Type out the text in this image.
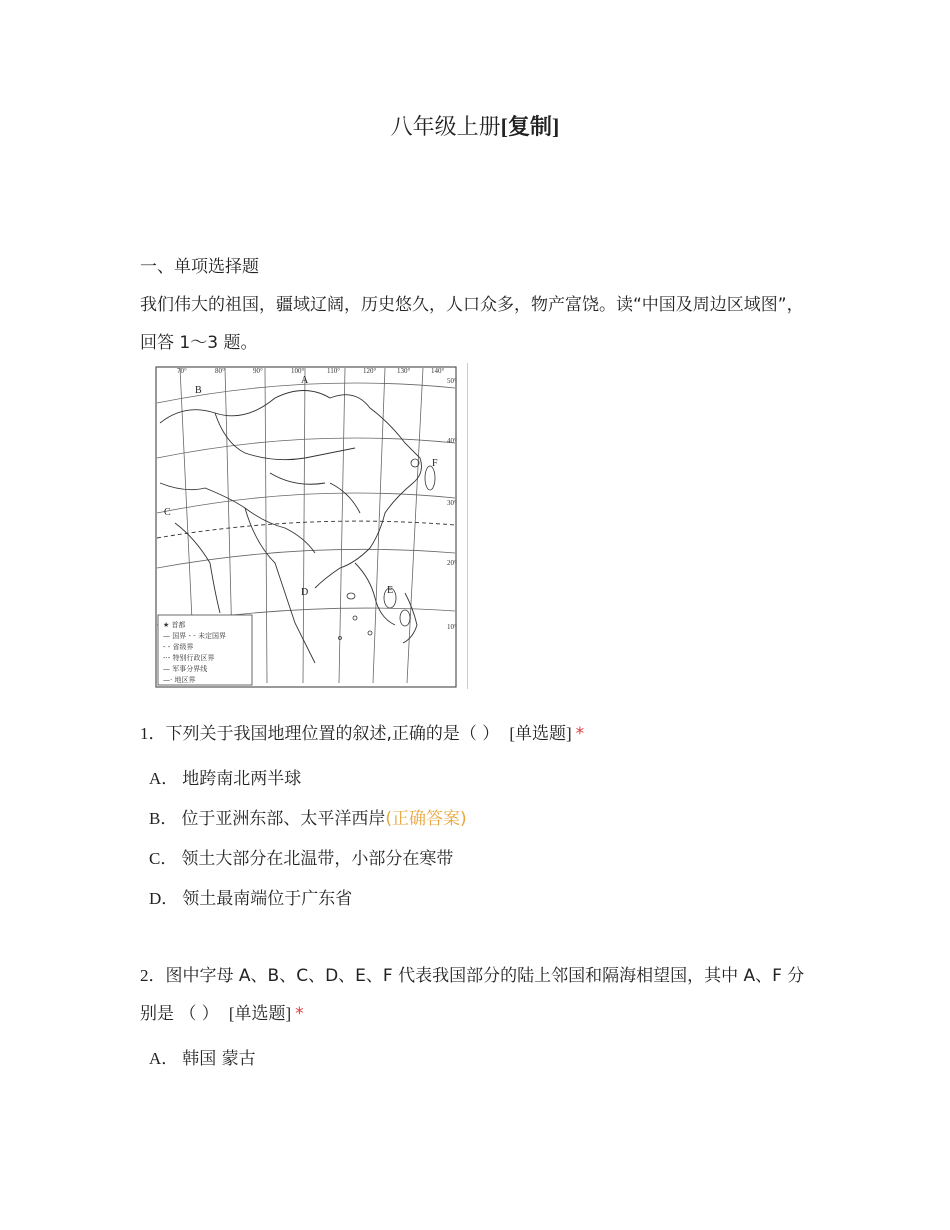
八年级上册[复制]
一、单项选择题
我们伟大的祖国，疆域辽阔，历史悠久，人口众多，物产富饶。读“中国及周边区域图”，回答 1～3 题。
70°	80°	90°	100°	110°	120°	130°	140°
50°
40°
30°
20°
10°
A
B
C
D	E
F
★ 首都
— 国界 - - 未定国界
- - 省级界
-·- 特别行政区界
— 军事分界线
—· 地区界
1．下列关于我国地理位置的叙述,正确的是（ ） [单选题] *
A． 地跨南北两半球
B． 位于亚洲东部、太平洋西岸(正确答案)
C． 领土大部分在北温带，小部分在寒带
D． 领土最南端位于广东省
2．图中字母 A、B、C、D、E、F 代表我国部分的陆上邻国和隔海相望国，其中 A、F 分别是 （ ） [单选题] *
A． 韩国 蒙古
